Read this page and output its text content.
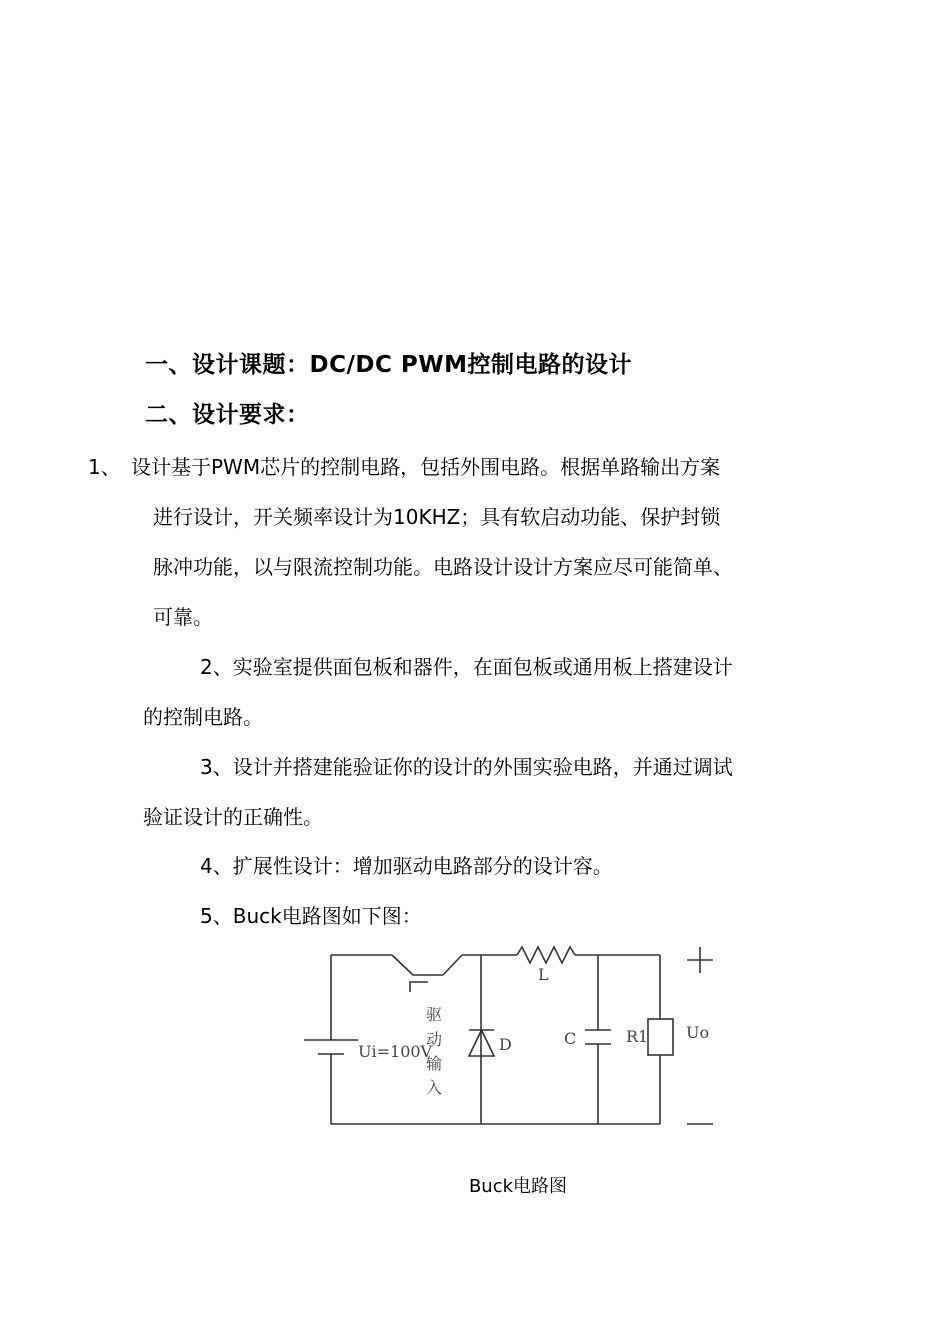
一、设计课题：DC/DC PWM控制电路的设计
二、设计要求：
1、 设计基于PWM芯片的控制电路，包括外围电路。根据单路输出方案
进行设计，开关频率设计为10KHZ；具有软启动功能、保护封锁
脉冲功能，以与限流控制功能。电路设计设计方案应尽可能简单、
可靠。
2、实验室提供面包板和器件，在面包板或通用板上搭建设计
的控制电路。
3、设计并搭建能验证你的设计的外围实验电路，并通过调试
验证设计的正确性。
4、扩展性设计：增加驱动电路部分的设计容。
5、Buck电路图如下图：
Ui=100V
驱
动
输
入
D
L
C	R1 Uo
Buck电路图
